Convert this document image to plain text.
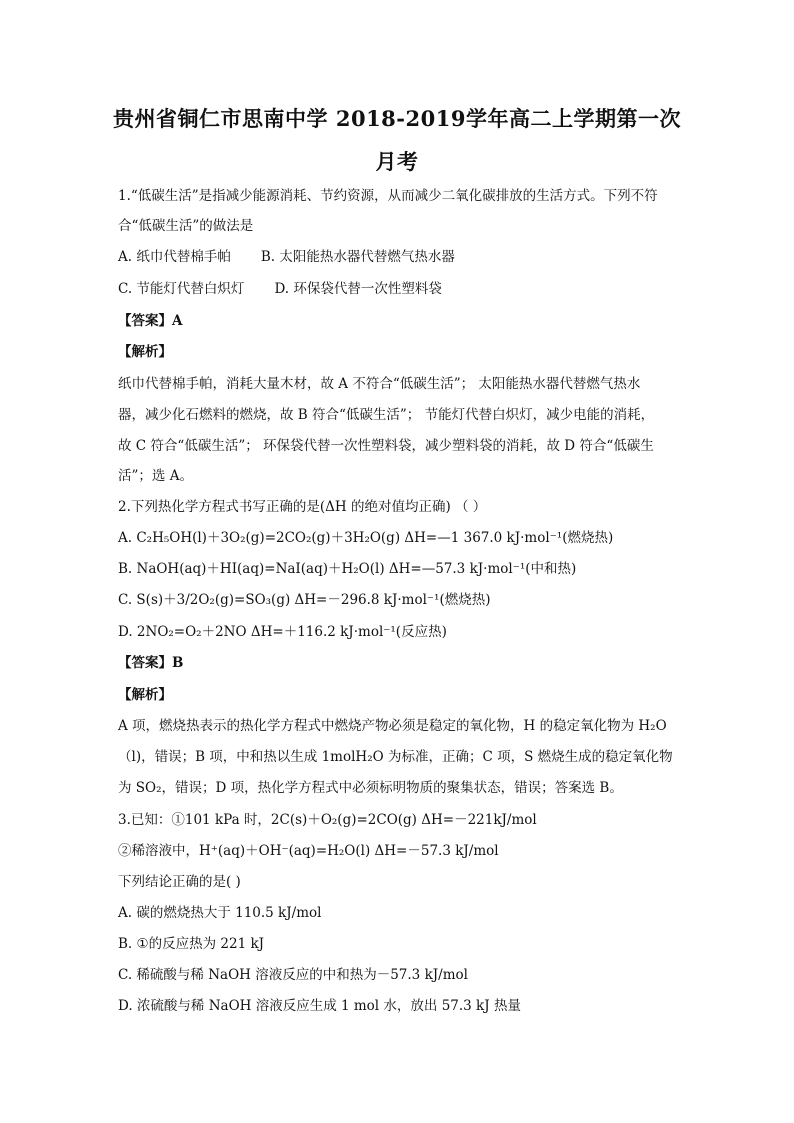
贵州省铜仁市思南中学 2018-2019学年高二上学期第一次
月考
1.“低碳生活”是指减少能源消耗、节约资源，从而减少二氧化碳排放的生活方式。下列不符
合“低碳生活”的做法是
A. 纸巾代替棉手帕 B. 太阳能热水器代替燃气热水器
C. 节能灯代替白炽灯 D. 环保袋代替一次性塑料袋
【答案】A
【解析】
纸巾代替棉手帕，消耗大量木材，故 A 不符合“低碳生活”； 太阳能热水器代替燃气热水
器，减少化石燃料的燃烧，故 B 符合“低碳生活”； 节能灯代替白炽灯，减少电能的消耗，
故 C 符合“低碳生活”； 环保袋代替一次性塑料袋，减少塑料袋的消耗，故 D 符合“低碳生
活”；选 A。
2.下列热化学方程式书写正确的是(ΔH 的绝对值均正确) （ ）
A. C₂H₅OH(l)＋3O₂(g)=2CO₂(g)＋3H₂O(g) ΔH=—1 367.0 kJ·mol⁻¹(燃烧热)
B. NaOH(aq)＋HI(aq)=NaI(aq)＋H₂O(l) ΔH=—57.3 kJ·mol⁻¹(中和热)
C. S(s)＋3/2O₂(g)=SO₃(g) ΔH=－296.8 kJ·mol⁻¹(燃烧热)
D. 2NO₂=O₂＋2NO ΔH=＋116.2 kJ·mol⁻¹(反应热)
【答案】B
【解析】
A 项，燃烧热表示的热化学方程式中燃烧产物必须是稳定的氧化物，H 的稳定氧化物为 H₂O
（l)，错误；B 项，中和热以生成 1molH₂O 为标准，正确；C 项，S 燃烧生成的稳定氧化物
为 SO₂，错误；D 项，热化学方程式中必须标明物质的聚集状态，错误；答案选 B。
3.已知：①101 kPa 时，2C(s)＋O₂(g)=2CO(g) ΔH=－221kJ/mol
②稀溶液中，H⁺(aq)＋OH⁻(aq)=H₂O(l) ΔH=－57.3 kJ/mol
下列结论正确的是( )
A. 碳的燃烧热大于 110.5 kJ/mol
B. ①的反应热为 221 kJ
C. 稀硫酸与稀 NaOH 溶液反应的中和热为－57.3 kJ/mol
D. 浓硫酸与稀 NaOH 溶液反应生成 1 mol 水，放出 57.3 kJ 热量
